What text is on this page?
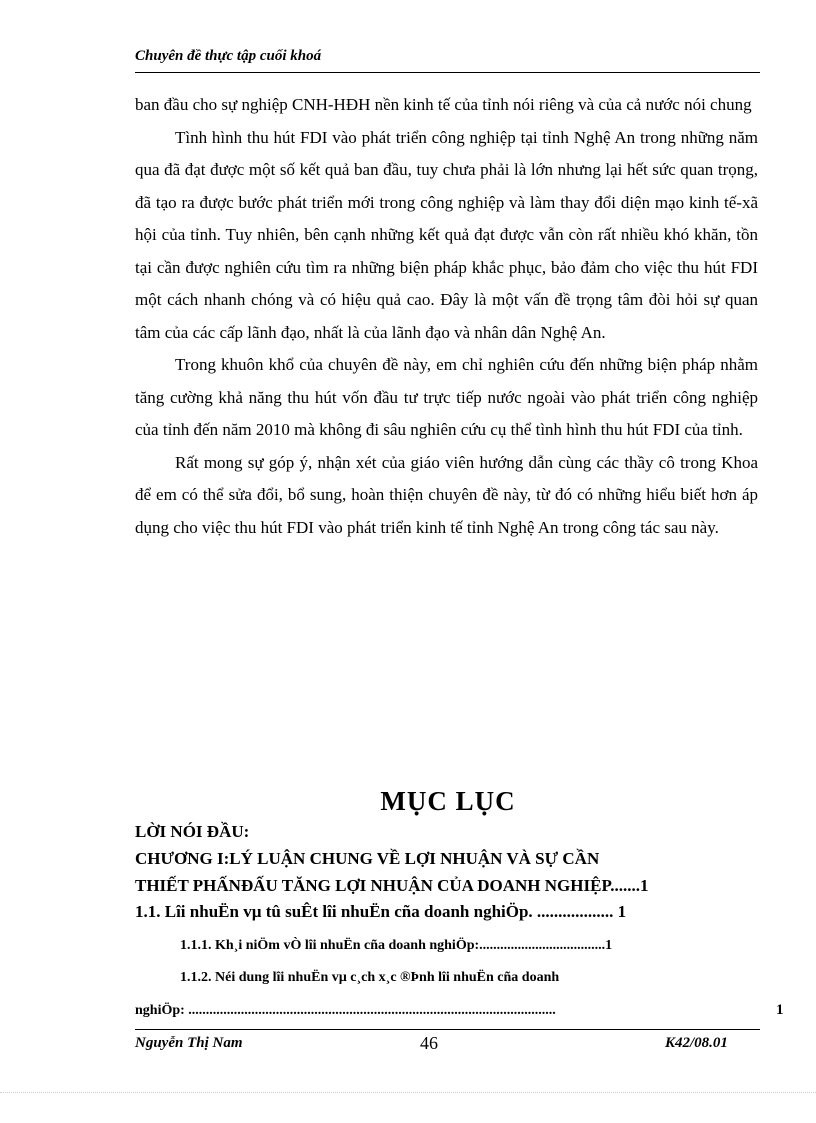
Chuyên đề thực tập cuối khoá

ban đầu cho sự nghiệp CNH-HĐH nền kinh tế của tỉnh nói riêng và của cả nước nói chung

Tình hình thu hút FDI vào phát triển công nghiệp tại tỉnh Nghệ An trong những năm qua đã đạt được một số kết quả ban đầu, tuy chưa phải là lớn nhưng lại hết sức quan trọng, đã tạo ra được bước phát triển mới trong công nghiệp và làm thay đổi diện mạo kinh tế-xã hội của tỉnh. Tuy nhiên, bên cạnh những kết quả đạt được vẫn còn rất nhiều khó khăn, tồn tại cần được nghiên cứu tìm ra những biện pháp khắc phục, bảo đảm cho việc thu hút FDI một cách nhanh chóng và có hiệu quả cao. Đây là một vấn đề trọng tâm đòi hỏi sự quan tâm của các cấp lãnh đạo, nhất là của lãnh đạo và nhân dân Nghệ An.

Trong khuôn khổ của chuyên đề này, em chỉ nghiên cứu đến những biện pháp nhằm tăng cường khả năng thu hút vốn đầu tư trực tiếp nước ngoài vào phát triển công nghiệp của tỉnh đến năm 2010 mà không đi sâu nghiên cứu cụ thể tình hình thu hút FDI của tỉnh.

Rất mong sự góp ý, nhận xét của giáo viên hướng dẫn cùng các thầy cô trong Khoa để em có thể sửa đổi, bổ sung, hoàn thiện chuyên đề này, từ đó có những hiểu biết hơn áp dụng cho việc thu hút FDI vào phát triển kinh tế tỉnh Nghệ An trong công tác sau này.

MỤC LỤC
LỜI NÓI ĐẦU:
CHƯƠNG I:LÝ LUẬN CHUNG VỀ LỢI NHUẬN VÀ SỰ CẦN
THIẾT PHẤNĐẤU TĂNG LỢI NHUẬN CỦA DOANH NGHIỆP.......1
1.1. Lîi nhuËn vµ tû suÊt lîi nhuËn cña doanh nghiÖp. .................. 1
1.1.1. Kh¸i niÖm vÒ lîi nhuËn cña doanh nghiÖp:....................................1
1.1.2. Néi dung lîi nhuËn vµ c¸ch x¸c ®Þnh lîi nhuËn cña doanh
nghiÖp: .........................................................................................................	1
Nguyễn Thị Nam	46	K42/08.01
